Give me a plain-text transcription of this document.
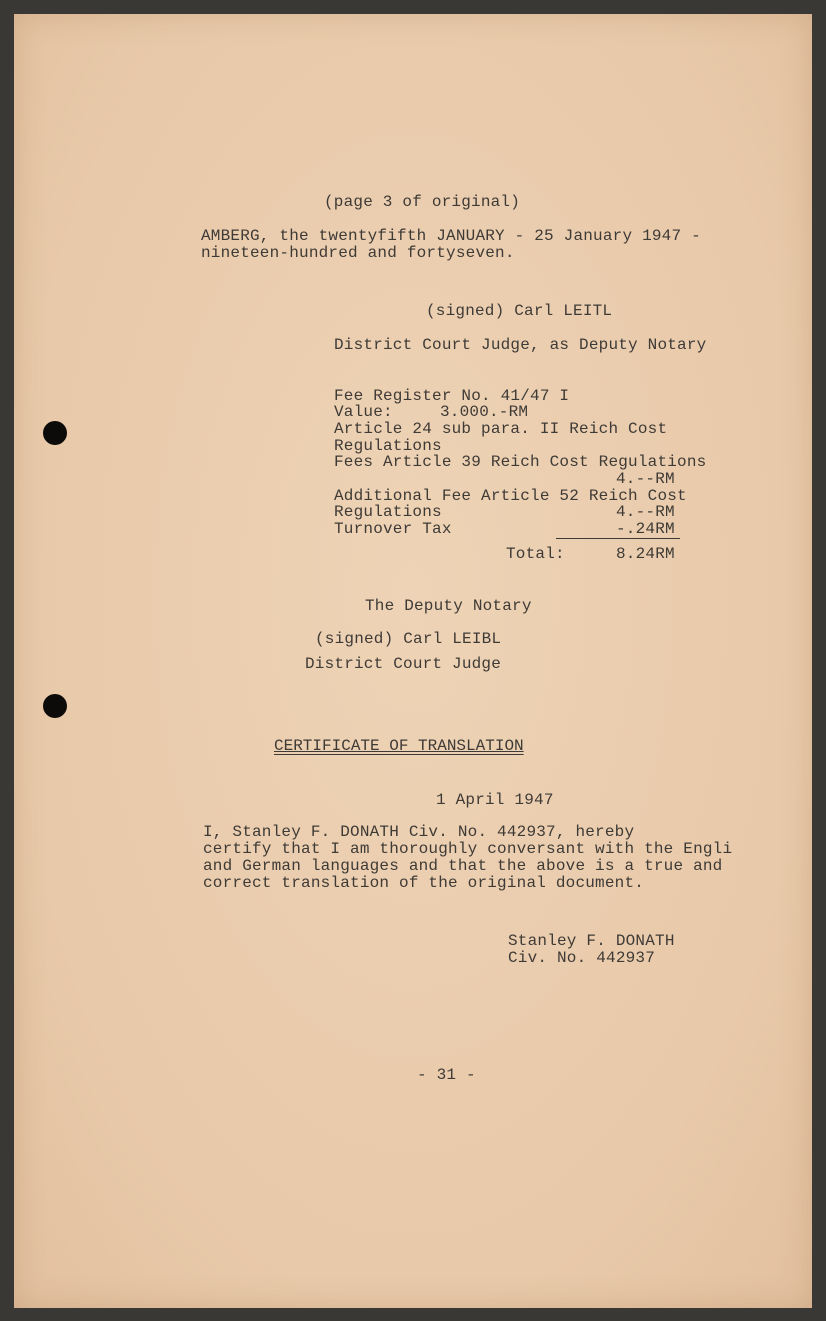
(page 3 of original)

AMBERG, the twentyfifth JANUARY - 25 January 1947 -

nineteen-hundred and fortyseven.

(signed) Carl LEITL

District Court Judge, as Deputy Notary

Fee Register No. 41/47 I

Value:	3.000.-RM

Article 24 sub para. II Reich Cost

Regulations

Fees Article 39 Reich Cost Regulations

4.--RM

Additional Fee Article 52 Reich Cost

Regulations	4.--RM

Turnover Tax	-.24RM

Total:	8.24RM

The Deputy Notary

(signed) Carl LEIBL

District Court Judge

CERTIFICATE OF TRANSLATION

1 April 1947

I, Stanley F. DONATH Civ. No. 442937, hereby

certify that I am thoroughly conversant with the Engli

and German languages and that the above is a true and

correct translation of the original document.

Stanley F. DONATH

Civ. No. 442937

- 31 -
